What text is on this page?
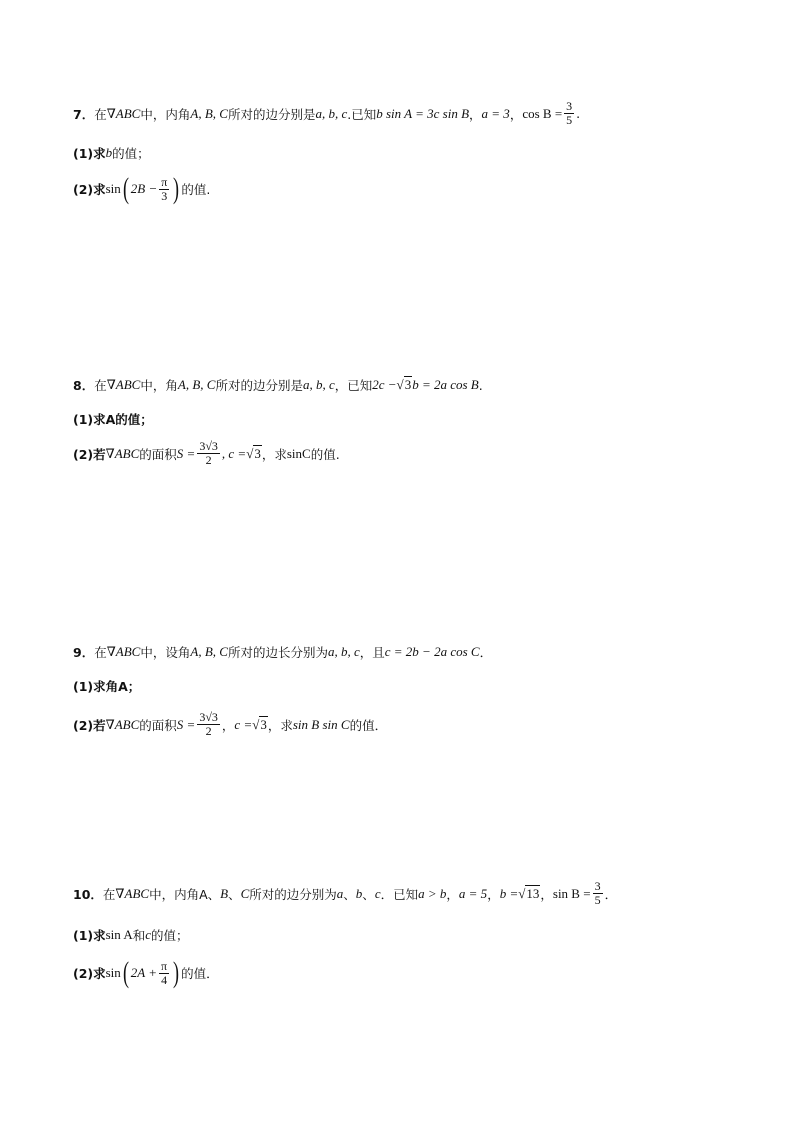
7． 在 ∇ ABC 中，内角 A, B, C 所对的边分别是 a, b, c .已知 b sin A = 3c sin B ， a = 3 ， $\cos B = \frac{3}{5}$ .
(1)求 b 的值；
(2)求 sin ( $2B - \frac{\pi}{3}$ ) 的值.
8． 在 ∇ ABC 中，角 A, B, C 所对的边分别是 a, b, c ，已知 2c − √3 b = 2a cos B .
(1)求A的值；
(2)若 ∇ ABC 的面积 $S = \frac{3√3}{2}$ , c = √3 ，求 sinC 的值.
9． 在 ∇ ABC 中，设角 A, B, C 所对的边长分别为 a, b, c ，且 c = 2b − 2a cos C ．
(1)求角A；
(2)若 ∇ ABC 的面积 $S = \frac{3√3}{2}$ ， c = √3 ，求 sin B sin C 的值．
10． 在 ∇ ABC 中，内角A、 B 、 C 所对的边分别为 a 、 b 、 c ．已知 a > b ， a = 5 ， b = √13 ， $\sin B = \frac{3}{5}$ ．
(1)求 sin A 和 c 的值；
(2)求 sin ( $2A + \frac{\pi}{4}$ ) 的值．
